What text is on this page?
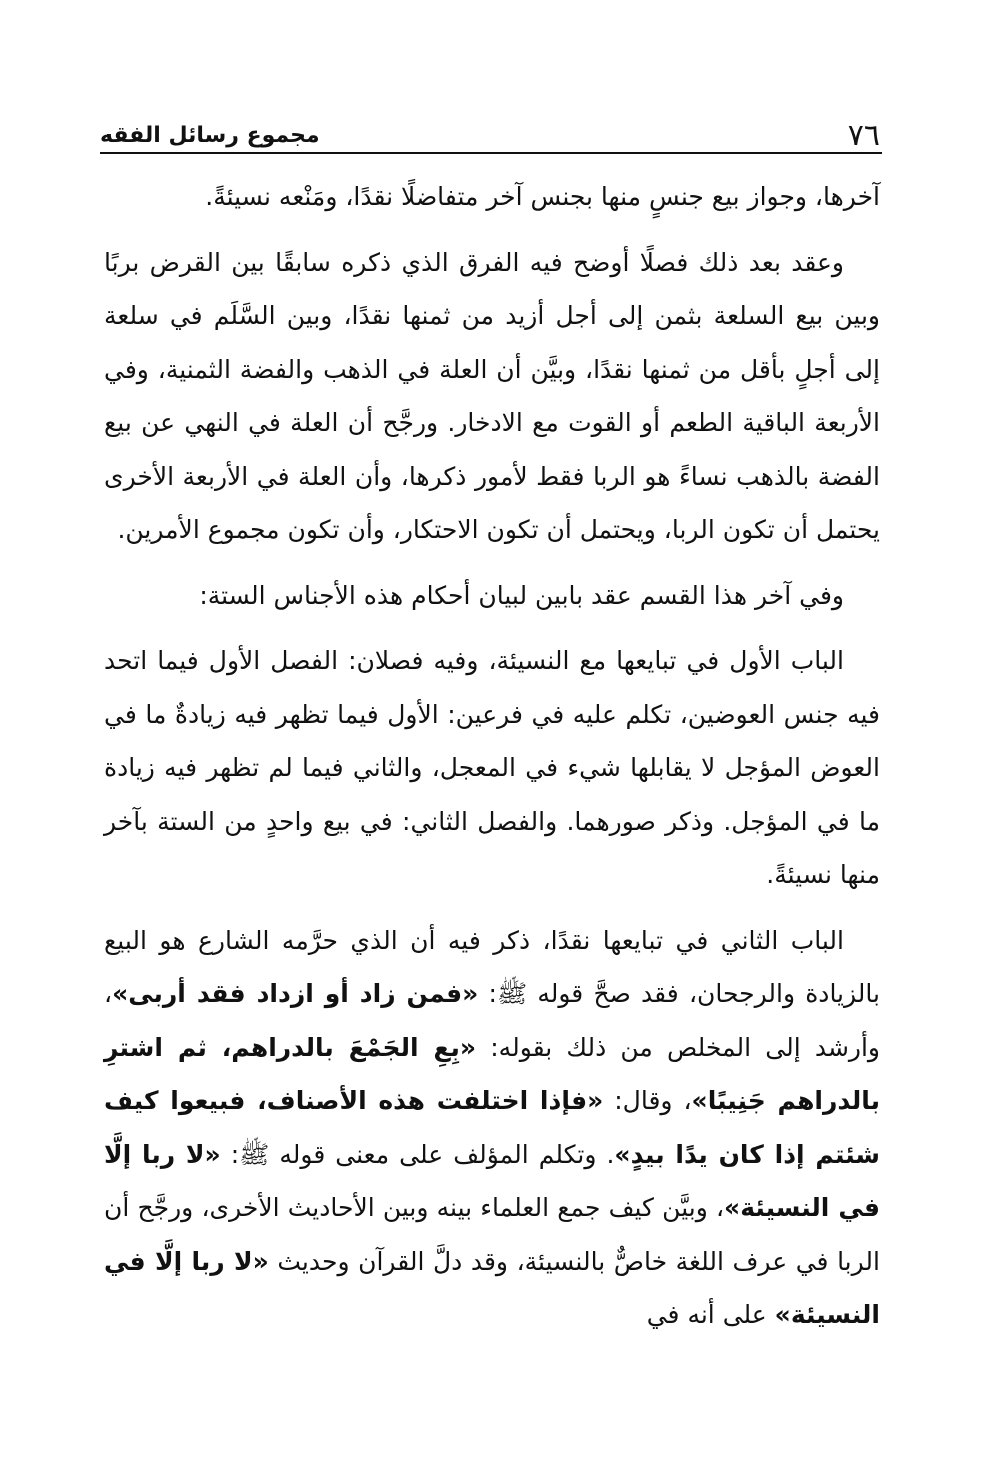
٧٦
مجموع رسائل الفقه

آخرها، وجواز بيع جنسٍ منها بجنس آخر متفاضلًا نقدًا، ومَنْعه نسيئةً.

وعقد بعد ذلك فصلًا أوضح فيه الفرق الذي ذكره سابقًا بين القرض بربًا وبين بيع السلعة بثمن إلى أجل أزيد من ثمنها نقدًا، وبين السَّلَم في سلعة إلى أجلٍ بأقل من ثمنها نقدًا، وبيَّن أن العلة في الذهب والفضة الثمنية، وفي الأربعة الباقية الطعم أو القوت مع الادخار. ورجَّح أن العلة في النهي عن بيع الفضة بالذهب نساءً هو الربا فقط لأمور ذكرها، وأن العلة في الأربعة الأخرى يحتمل أن تكون الربا، ويحتمل أن تكون الاحتكار، وأن تكون مجموع الأمرين.

وفي آخر هذا القسم عقد بابين لبيان أحكام هذه الأجناس الستة:

الباب الأول في تبايعها مع النسيئة، وفيه فصلان: الفصل الأول فيما اتحد فيه جنس العوضين، تكلم عليه في فرعين: الأول فيما تظهر فيه زيادةٌ ما في العوض المؤجل لا يقابلها شيء في المعجل، والثاني فيما لم تظهر فيه زيادة ما في المؤجل. وذكر صورهما. والفصل الثاني: في بيع واحدٍ من الستة بآخر منها نسيئةً.

الباب الثاني في تبايعها نقدًا، ذكر فيه أن الذي حرَّمه الشارع هو البيع بالزيادة والرجحان، فقد صحَّ قوله ﷺ: «فمن زاد أو ازداد فقد أربى»، وأرشد إلى المخلص من ذلك بقوله: «بِعِ الجَمْعَ بالدراهم، ثم اشترِ بالدراهم جَنِيبًا»، وقال: «فإذا اختلفت هذه الأصناف، فبيعوا كيف شئتم إذا كان يدًا بيدٍ». وتكلم المؤلف على معنى قوله ﷺ: «لا ربا إلَّا في النسيئة»، وبيَّن كيف جمع العلماء بينه وبين الأحاديث الأخرى، ورجَّح أن الربا في عرف اللغة خاصٌّ بالنسيئة، وقد دلَّ القرآن وحديث «لا ربا إلَّا في النسيئة» على أنه في
